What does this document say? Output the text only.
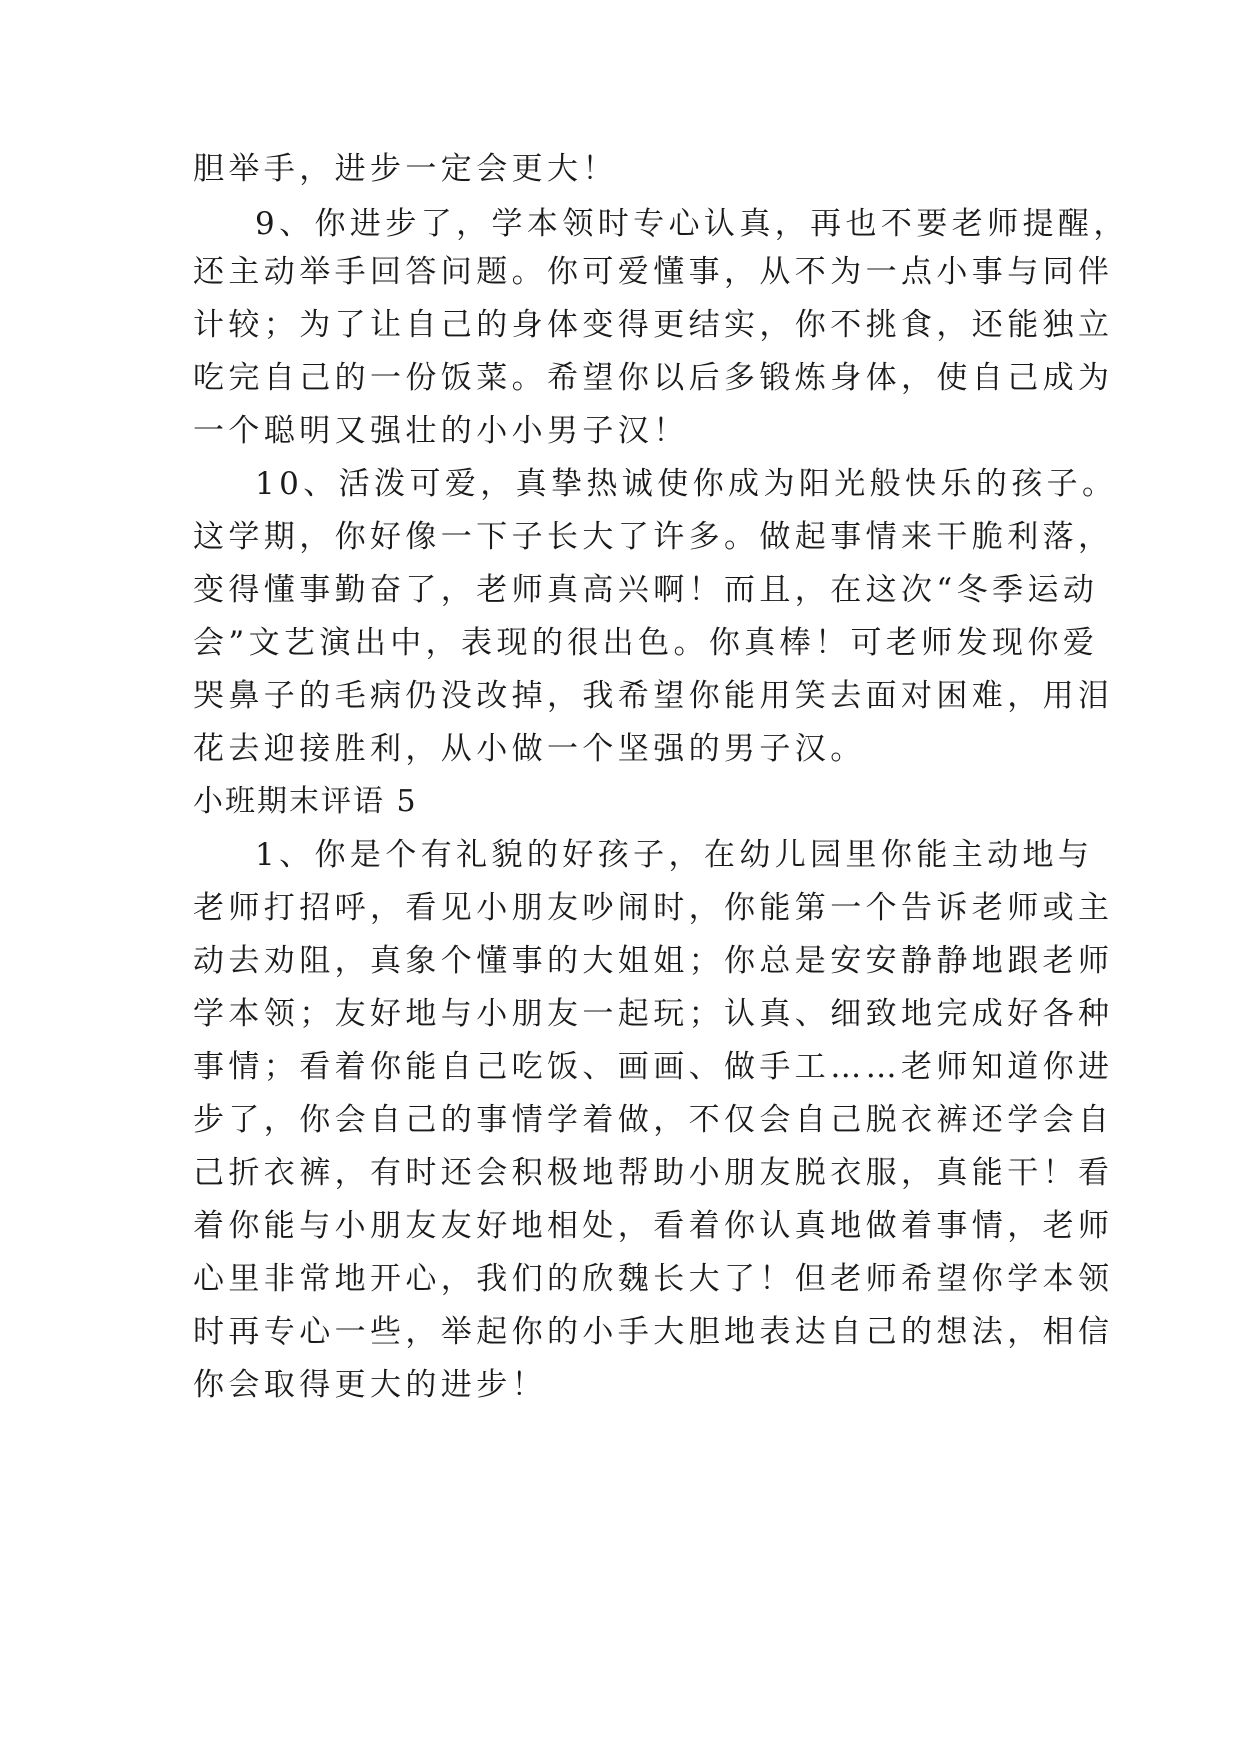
胆举手，进步一定会更大！
9、你进步了，学本领时专心认真，再也不要老师提醒，
还主动举手回答问题。你可爱懂事，从不为一点小事与同伴
计较；为了让自己的身体变得更结实，你不挑食，还能独立
吃完自己的一份饭菜。希望你以后多锻炼身体，使自己成为
一个聪明又强壮的小小男子汉！
10、活泼可爱，真挚热诚使你成为阳光般快乐的孩子。
这学期，你好像一下子长大了许多。做起事情来干脆利落，
变得懂事勤奋了，老师真高兴啊！而且，在这次“冬季运动
会”文艺演出中，表现的很出色。你真棒！可老师发现你爱
哭鼻子的毛病仍没改掉，我希望你能用笑去面对困难，用泪
花去迎接胜利，从小做一个坚强的男子汉。
小班期末评语 5
1、你是个有礼貌的好孩子，在幼儿园里你能主动地与
老师打招呼，看见小朋友吵闹时，你能第一个告诉老师或主
动去劝阻，真象个懂事的大姐姐；你总是安安静静地跟老师
学本领；友好地与小朋友一起玩；认真、细致地完成好各种
事情；看着你能自己吃饭、画画、做手工……老师知道你进
步了，你会自己的事情学着做，不仅会自己脱衣裤还学会自
己折衣裤，有时还会积极地帮助小朋友脱衣服，真能干！看
着你能与小朋友友好地相处，看着你认真地做着事情，老师
心里非常地开心，我们的欣魏长大了！但老师希望你学本领
时再专心一些，举起你的小手大胆地表达自己的想法，相信
你会取得更大的进步！
